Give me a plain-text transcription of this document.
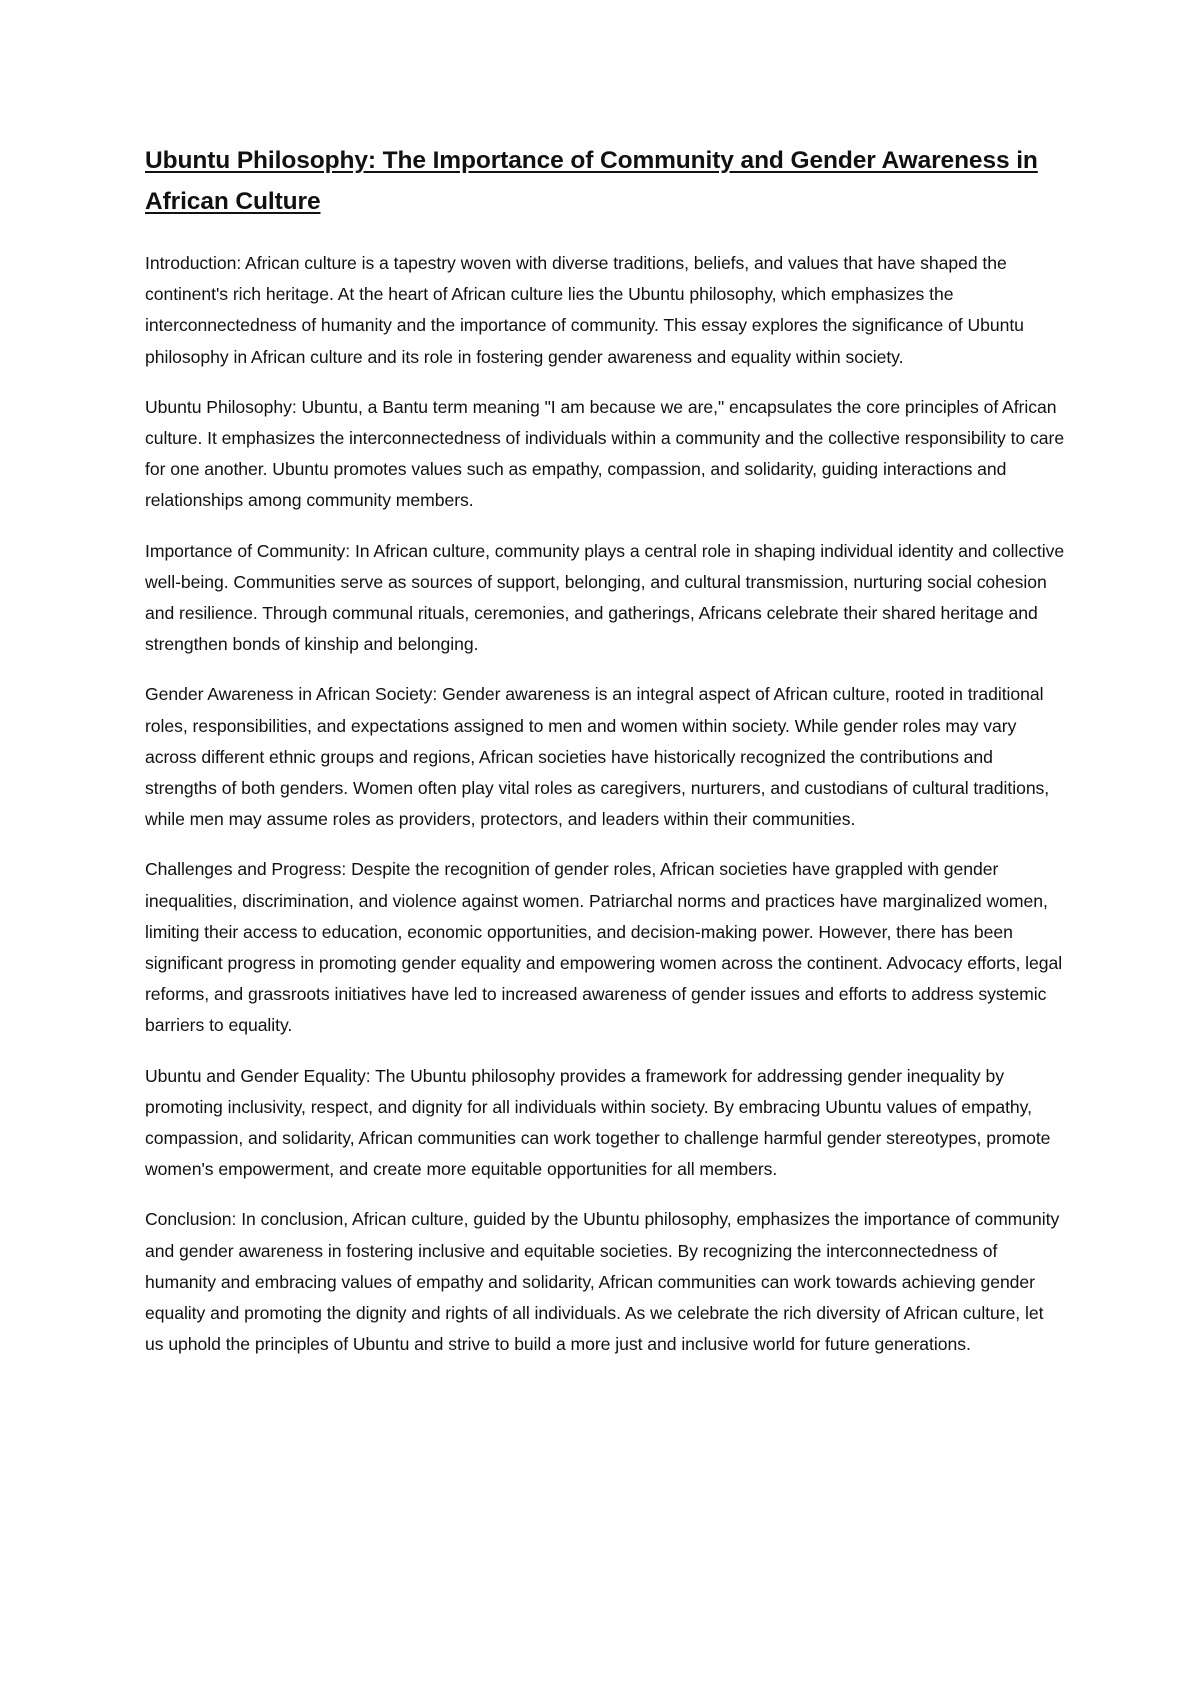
Ubuntu Philosophy: The Importance of Community and Gender Awareness in African Culture

Introduction: African culture is a tapestry woven with diverse traditions, beliefs, and values that have shaped the continent's rich heritage. At the heart of African culture lies the Ubuntu philosophy, which emphasizes the interconnectedness of humanity and the importance of community. This essay explores the significance of Ubuntu philosophy in African culture and its role in fostering gender awareness and equality within society.

Ubuntu Philosophy: Ubuntu, a Bantu term meaning "I am because we are," encapsulates the core principles of African culture. It emphasizes the interconnectedness of individuals within a community and the collective responsibility to care for one another. Ubuntu promotes values such as empathy, compassion, and solidarity, guiding interactions and relationships among community members.

Importance of Community: In African culture, community plays a central role in shaping individual identity and collective well-being. Communities serve as sources of support, belonging, and cultural transmission, nurturing social cohesion and resilience. Through communal rituals, ceremonies, and gatherings, Africans celebrate their shared heritage and strengthen bonds of kinship and belonging.

Gender Awareness in African Society: Gender awareness is an integral aspect of African culture, rooted in traditional roles, responsibilities, and expectations assigned to men and women within society. While gender roles may vary across different ethnic groups and regions, African societies have historically recognized the contributions and strengths of both genders. Women often play vital roles as caregivers, nurturers, and custodians of cultural traditions, while men may assume roles as providers, protectors, and leaders within their communities.

Challenges and Progress: Despite the recognition of gender roles, African societies have grappled with gender inequalities, discrimination, and violence against women. Patriarchal norms and practices have marginalized women, limiting their access to education, economic opportunities, and decision-making power. However, there has been significant progress in promoting gender equality and empowering women across the continent. Advocacy efforts, legal reforms, and grassroots initiatives have led to increased awareness of gender issues and efforts to address systemic barriers to equality.

Ubuntu and Gender Equality: The Ubuntu philosophy provides a framework for addressing gender inequality by promoting inclusivity, respect, and dignity for all individuals within society. By embracing Ubuntu values of empathy, compassion, and solidarity, African communities can work together to challenge harmful gender stereotypes, promote women's empowerment, and create more equitable opportunities for all members.

Conclusion: In conclusion, African culture, guided by the Ubuntu philosophy, emphasizes the importance of community and gender awareness in fostering inclusive and equitable societies. By recognizing the interconnectedness of humanity and embracing values of empathy and solidarity, African communities can work towards achieving gender equality and promoting the dignity and rights of all individuals. As we celebrate the rich diversity of African culture, let us uphold the principles of Ubuntu and strive to build a more just and inclusive world for future generations.
